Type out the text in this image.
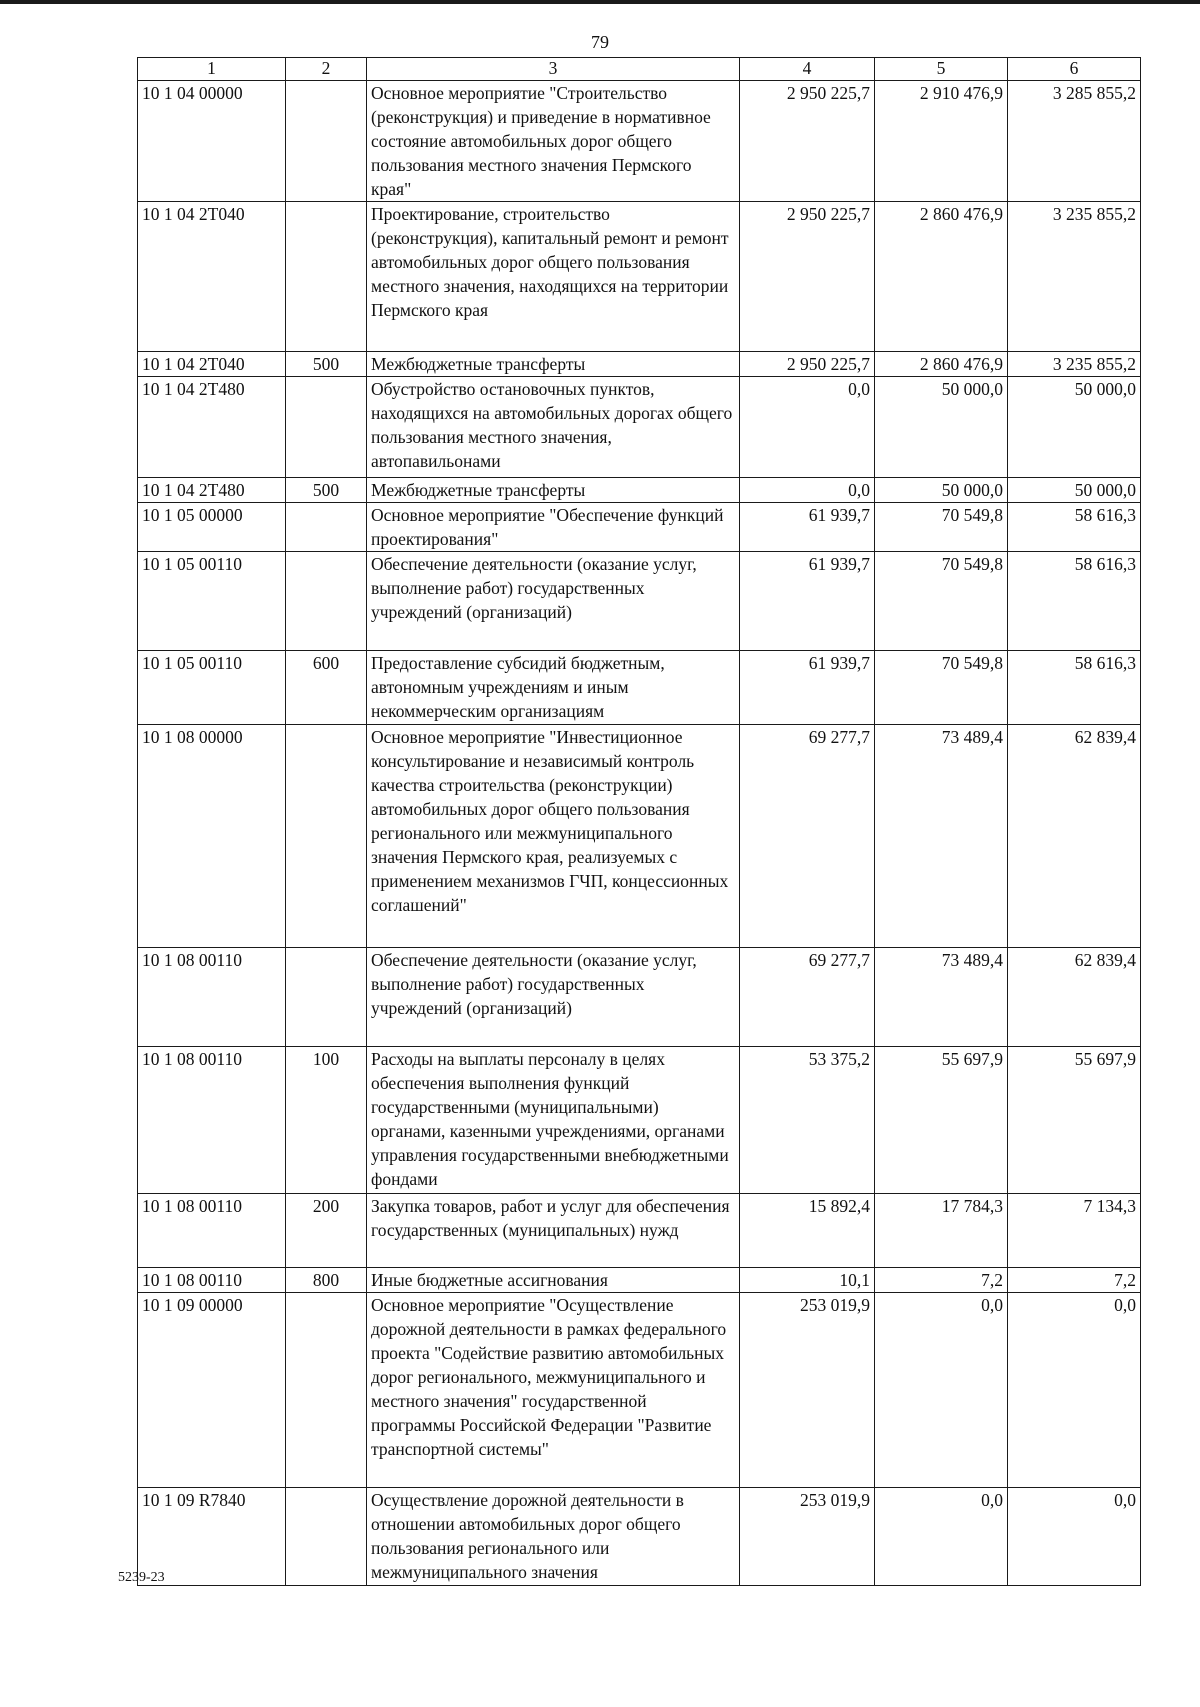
79
1	2	3	4	5	6
10 1 04 00000		Основное мероприятие "Строительство (реконструкция) и приведение в нормативное состояние автомобильных дорог общего пользования местного значения Пермского края"	2 950 225,7	2 910 476,9	3 285 855,2
10 1 04 2Т040		Проектирование, строительство (реконструкция), капитальный ремонт и ремонт автомобильных дорог общего пользования местного значения, находящихся на территории Пермского края	2 950 225,7	2 860 476,9	3 235 855,2
10 1 04 2Т040	500	Межбюджетные трансферты	2 950 225,7	2 860 476,9	3 235 855,2
10 1 04 2Т480		Обустройство остановочных пунктов, находящихся на автомобильных дорогах общего пользования местного значения, автопавильонами	0,0	50 000,0	50 000,0
10 1 04 2Т480	500	Межбюджетные трансферты	0,0	50 000,0	50 000,0
10 1 05 00000		Основное мероприятие "Обеспечение функций проектирования"	61 939,7	70 549,8	58 616,3
10 1 05 00110		Обеспечение деятельности (оказание услуг, выполнение работ) государственных учреждений (организаций)	61 939,7	70 549,8	58 616,3
10 1 05 00110	600	Предоставление субсидий бюджетным, автономным учреждениям и иным некоммерческим организациям	61 939,7	70 549,8	58 616,3
10 1 08 00000		Основное мероприятие "Инвестиционное консультирование и независимый контроль качества строительства (реконструкции) автомобильных дорог общего пользования регионального или межмуниципального значения Пермского края, реализуемых с применением механизмов ГЧП, концессионных соглашений"	69 277,7	73 489,4	62 839,4
10 1 08 00110		Обеспечение деятельности (оказание услуг, выполнение работ) государственных учреждений (организаций)	69 277,7	73 489,4	62 839,4
10 1 08 00110	100	Расходы на выплаты персоналу в целях обеспечения выполнения функций государственными (муниципальными) органами, казенными учреждениями, органами управления государственными внебюджетными фондами	53 375,2	55 697,9	55 697,9
10 1 08 00110	200	Закупка товаров, работ и услуг для обеспечения государственных (муниципальных) нужд	15 892,4	17 784,3	7 134,3
10 1 08 00110	800	Иные бюджетные ассигнования	10,1	7,2	7,2
10 1 09 00000		Основное мероприятие "Осуществление дорожной деятельности в рамках федерального проекта "Содействие развитию автомобильных дорог регионального, межмуниципального и местного значения" государственной программы Российской Федерации "Развитие транспортной системы"	253 019,9	0,0	0,0
10 1 09 R7840		Осуществление дорожной деятельности в отношении автомобильных дорог общего пользования регионального или межмуниципального значения	253 019,9	0,0	0,0
5239-23
